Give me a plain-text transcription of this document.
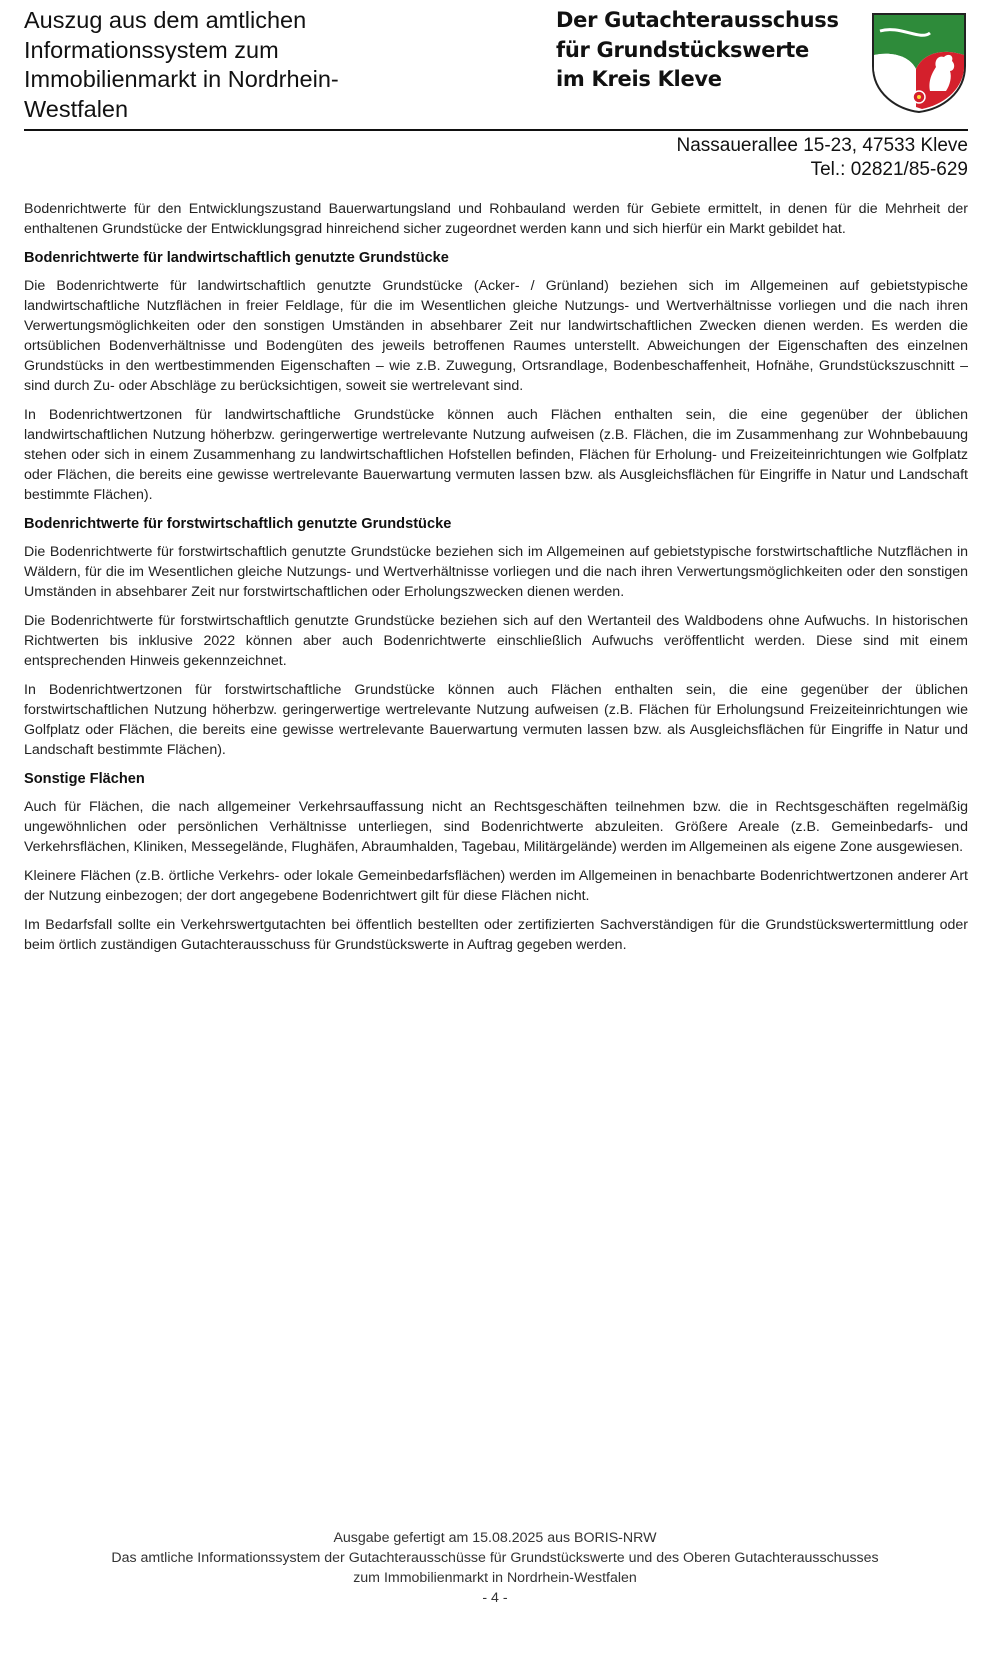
Auszug aus dem amtlichen
Informationssystem zum
Immobilienmarkt in Nordrhein-
Westfalen
Der Gutachterausschuss
für Grundstückswerte
im Kreis Kleve
Nassauerallee 15-23, 47533 Kleve
Tel.: 02821/85-629

Bodenrichtwerte für den Entwicklungszustand Bauerwartungsland und Rohbauland werden für Gebiete ermittelt, in denen für die Mehrheit der enthaltenen Grundstücke der Entwicklungsgrad hinreichend sicher zugeordnet werden kann und sich hierfür ein Markt gebildet hat.

Bodenrichtwerte für landwirtschaftlich genutzte Grundstücke

Die Bodenrichtwerte für landwirtschaftlich genutzte Grundstücke (Acker- / Grünland) beziehen sich im Allgemeinen auf gebietstypische landwirtschaftliche Nutzflächen in freier Feldlage, für die im Wesentlichen gleiche Nutzungs- und Wertverhältnisse vorliegen und die nach ihren Verwertungsmöglichkeiten oder den sonstigen Umständen in absehbarer Zeit nur landwirtschaftlichen Zwecken dienen werden. Es werden die ortsüblichen Bodenverhältnisse und Bodengüten des jeweils betroffenen Raumes unterstellt. Abweichungen der Eigenschaften des einzelnen Grundstücks in den wertbestimmenden Eigenschaften – wie z.B. Zuwegung, Ortsrandlage, Bodenbeschaffenheit, Hofnähe, Grundstückszuschnitt – sind durch Zu- oder Abschläge zu berücksichtigen, soweit sie wertrelevant sind.

In Bodenrichtwertzonen für landwirtschaftliche Grundstücke können auch Flächen enthalten sein, die eine gegenüber der üblichen landwirtschaftlichen Nutzung höherbzw. geringerwertige wertrelevante Nutzung aufweisen (z.B. Flächen, die im Zusammenhang zur Wohnbebauung stehen oder sich in einem Zusammenhang zu landwirtschaftlichen Hofstellen befinden, Flächen für Erholung- und Freizeiteinrichtungen wie Golfplatz oder Flächen, die bereits eine gewisse wertrelevante Bauerwartung vermuten lassen bzw. als Ausgleichsflächen für Eingriffe in Natur und Landschaft bestimmte Flächen).

Bodenrichtwerte für forstwirtschaftlich genutzte Grundstücke

Die Bodenrichtwerte für forstwirtschaftlich genutzte Grundstücke beziehen sich im Allgemeinen auf gebietstypische forstwirtschaftliche Nutzflächen in Wäldern, für die im Wesentlichen gleiche Nutzungs- und Wertverhältnisse vorliegen und die nach ihren Verwertungsmöglichkeiten oder den sonstigen Umständen in absehbarer Zeit nur forstwirtschaftlichen oder Erholungszwecken dienen werden.

Die Bodenrichtwerte für forstwirtschaftlich genutzte Grundstücke beziehen sich auf den Wertanteil des Waldbodens ohne Aufwuchs. In historischen Richtwerten bis inklusive 2022 können aber auch Bodenrichtwerte einschließlich Aufwuchs veröffentlicht werden. Diese sind mit einem entsprechenden Hinweis gekennzeichnet.

In Bodenrichtwertzonen für forstwirtschaftliche Grundstücke können auch Flächen enthalten sein, die eine gegenüber der üblichen forstwirtschaftlichen Nutzung höherbzw. geringerwertige wertrelevante Nutzung aufweisen (z.B. Flächen für Erholungsund Freizeiteinrichtungen wie Golfplatz oder Flächen, die bereits eine gewisse wertrelevante Bauerwartung vermuten lassen bzw. als Ausgleichsflächen für Eingriffe in Natur und Landschaft bestimmte Flächen).

Sonstige Flächen

Auch für Flächen, die nach allgemeiner Verkehrsauffassung nicht an Rechtsgeschäften teilnehmen bzw. die in Rechtsgeschäften regelmäßig ungewöhnlichen oder persönlichen Verhältnisse unterliegen, sind Bodenrichtwerte abzuleiten. Größere Areale (z.B. Gemeinbedarfs- und Verkehrsflächen, Kliniken, Messegelände, Flughäfen, Abraumhalden, Tagebau, Militärgelände) werden im Allgemeinen als eigene Zone ausgewiesen.

Kleinere Flächen (z.B. örtliche Verkehrs- oder lokale Gemeinbedarfsflächen) werden im Allgemeinen in benachbarte Bodenrichtwertzonen anderer Art der Nutzung einbezogen; der dort angegebene Bodenrichtwert gilt für diese Flächen nicht.

Im Bedarfsfall sollte ein Verkehrswertgutachten bei öffentlich bestellten oder zertifizierten Sachverständigen für die Grundstückswertermittlung oder beim örtlich zuständigen Gutachterausschuss für Grundstückswerte in Auftrag gegeben werden.

Ausgabe gefertigt am 15.08.2025 aus BORIS-NRW
Das amtliche Informationssystem der Gutachterausschüsse für Grundstückswerte und des Oberen Gutachterausschusses
zum Immobilienmarkt in Nordrhein-Westfalen
- 4 -
